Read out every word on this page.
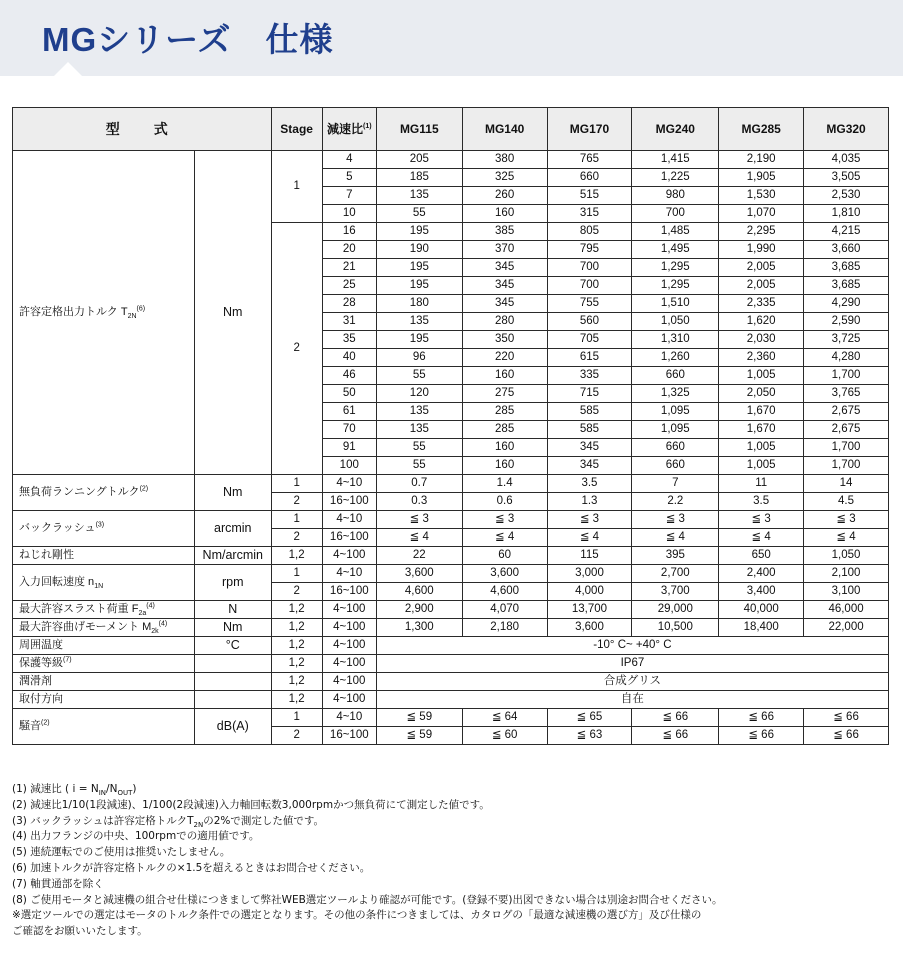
MGシリーズ　仕様
型　式		Stage	減速比$^{(1)}$	MG115	MG140	MG170	MG240	MG285	MG320
許容定格出力トルク $T_{2N}^{(6)}$	Nm	1	4	205	380	765	1,415	2,190	4,035
			5	185	325	660	1,225	1,905	3,505
			7	135	260	515	980	1,530	2,530
			10	55	160	315	700	1,070	1,810
		2	16	195	385	805	1,485	2,295	4,215
			20	190	370	795	1,495	1,990	3,660
			21	195	345	700	1,295	2,005	3,685
			25	195	345	700	1,295	2,005	3,685
			28	180	345	755	1,510	2,335	4,290
			31	135	280	560	1,050	1,620	2,590
			35	195	350	705	1,310	2,030	3,725
			40	96	220	615	1,260	2,360	4,280
			46	55	160	335	660	1,005	1,700
			50	120	275	715	1,325	2,050	3,765
			61	135	285	585	1,095	1,670	2,675
			70	135	285	585	1,095	1,670	2,675
			91	55	160	345	660	1,005	1,700
			100	55	160	345	660	1,005	1,700
無負荷ランニングトルク$^{(2)}$	Nm	1	4~10	0.7	1.4	3.5	7	11	14
		2	16~100	0.3	0.6	1.3	2.2	3.5	4.5
バックラッシュ$^{(3)}$	arcmin	1	4~10	≦ 3	≦ 3	≦ 3	≦ 3	≦ 3	≦ 3
		2	16~100	≦ 4	≦ 4	≦ 4	≦ 4	≦ 4	≦ 4
ねじれ剛性	Nm/arcmin	1,2	4~100	22	60	115	395	650	1,050
入力回転速度 $n_{1N}$	rpm	1	4~10	3,600	3,600	3,000	2,700	2,400	2,100
		2	16~100	4,600	4,600	4,000	3,700	3,400	3,100
最大許容スラスト荷重 $F_{2a}^{(4)}$	N	1,2	4~100	2,900	4,070	13,700	29,000	40,000	46,000
最大許容曲げモーメント $M_{2k}^{(4)}$	Nm	1,2	4~100	1,300	2,180	3,600	10,500	18,400	22,000
周囲温度	°C	1,2	4~100	-10° C~ +40° C					
保護等級$^{(7)}$		1,2	4~100	IP67					
潤滑剤		1,2	4~100	合成グリス					
取付方向		1,2	4~100	自在					
騒音$^{(2)}$	dB(A)	1	4~10	≦ 59	≦ 64	≦ 65	≦ 66	≦ 66	≦ 66
		2	16~100	≦ 59	≦ 60	≦ 63	≦ 66	≦ 66	≦ 66
(1) 減速比 ( $i = N_{IN}/N_{OUT}$)
(2) 減速比1/10(1段減速)、1/100(2段減速)入力軸回転数3,000rpmかつ無負荷にて測定した値です。
(3) バックラッシュは許容定格トルク$T_{2N}$の2%で測定した値です。
(4) 出力フランジの中央、100rpmでの適用値です。
(5) 連続運転でのご使用は推奨いたしません。
(6) 加速トルクが許容定格トルクの×1.5を超えるときはお問合せください。
(7) 軸貫通部を除く
(8) ご使用モータと減速機の組合せ仕様につきまして弊社WEB選定ツールより確認が可能です。(登録不要)出図できない場合は別途お問合せください。
※選定ツールでの選定はモータのトルク条件での選定となります。その他の条件につきましては、カタログの「最適な減速機の選び方」及び仕様の
ご確認をお願いいたします。
